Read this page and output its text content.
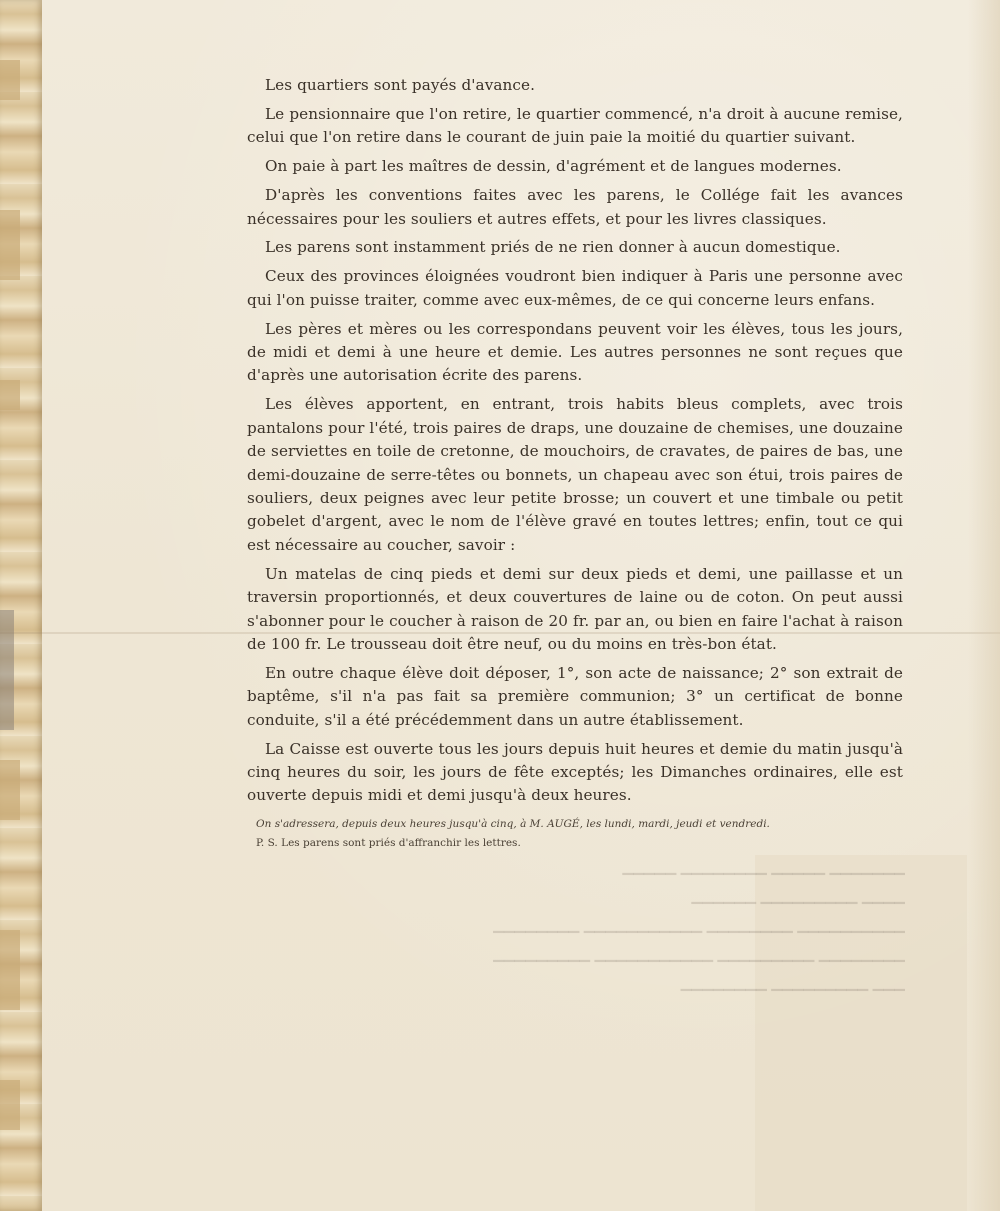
Les quartiers sont payés d'avance.

Le pensionnaire que l'on retire, le quartier commencé, n'a droit à aucune remise, celui que l'on retire dans le courant de juin paie la moitié du quartier suivant.

On paie à part les maîtres de dessin, d'agrément et de langues modernes.

D'après les conventions faites avec les parens, le Collége fait les avances nécessaires pour les souliers et autres effets, et pour les livres classiques.

Les parens sont instamment priés de ne rien donner à aucun domestique.

Ceux des provinces éloignées voudront bien indiquer à Paris une personne avec qui l'on puisse traiter, comme avec eux-mêmes, de ce qui concerne leurs enfans.

Les pères et mères ou les correspondans peuvent voir les élèves, tous les jours, de midi et demi à une heure et demie. Les autres personnes ne sont reçues que d'après une autorisation écrite des parens.

Les élèves apportent, en entrant, trois habits bleus complets, avec trois pantalons pour l'été, trois paires de draps, une douzaine de chemises, une douzaine de serviettes en toile de cretonne, de mouchoirs, de cravates, de paires de bas, une demi-douzaine de serre-têtes ou bonnets, un chapeau avec son étui, trois paires de souliers, deux peignes avec leur petite brosse; un couvert et une timbale ou petit gobelet d'argent, avec le nom de l'élève gravé en toutes lettres; enfin, tout ce qui est nécessaire au coucher, savoir :

Un matelas de cinq pieds et demi sur deux pieds et demi, une paillasse et un traversin proportionnés, et deux couvertures de laine ou de coton. On peut aussi s'abonner pour le coucher à raison de 20 fr. par an, ou bien en faire l'achat à raison de 100 fr. Le trousseau doit être neuf, ou du moins en très-bon état.

En outre chaque élève doit déposer, 1°, son acte de naissance; 2° son extrait de baptême, s'il n'a pas fait sa première communion; 3° un certificat de bonne conduite, s'il a été précédemment dans un autre établissement.

La Caisse est ouverte tous les jours depuis huit heures et demie du matin jusqu'à cinq heures du soir, les jours de fête exceptés; les Dimanches ordinaires, elle est ouverte depuis midi et demi jusqu'à deux heures.

On s'adressera, depuis deux heures jusqu'à cinq, à M. AUGÉ, les lundi, mardi, jeudi et vendredi.

P. S. Les parens sont priés d'affranchir les lettres.

▔▔▔▔▔▔▔ ▔▔▔▔▔ ▔▔▔▔▔▔▔▔ ▔▔▔▔▔
▔▔▔▔ ▔▔▔▔▔▔▔▔▔ ▔▔▔▔▔▔
▔▔▔▔▔▔▔▔▔▔ ▔▔▔▔▔▔▔▔ ▔▔▔▔▔▔▔▔▔▔▔ ▔▔▔▔▔▔▔▔
▔▔▔▔▔▔▔▔ ▔▔▔▔▔▔▔▔▔ ▔▔▔▔▔▔▔▔▔▔▔ ▔▔▔▔▔▔▔▔▔
▔▔▔ ▔▔▔▔▔▔▔▔▔ ▔▔▔▔▔▔▔▔
